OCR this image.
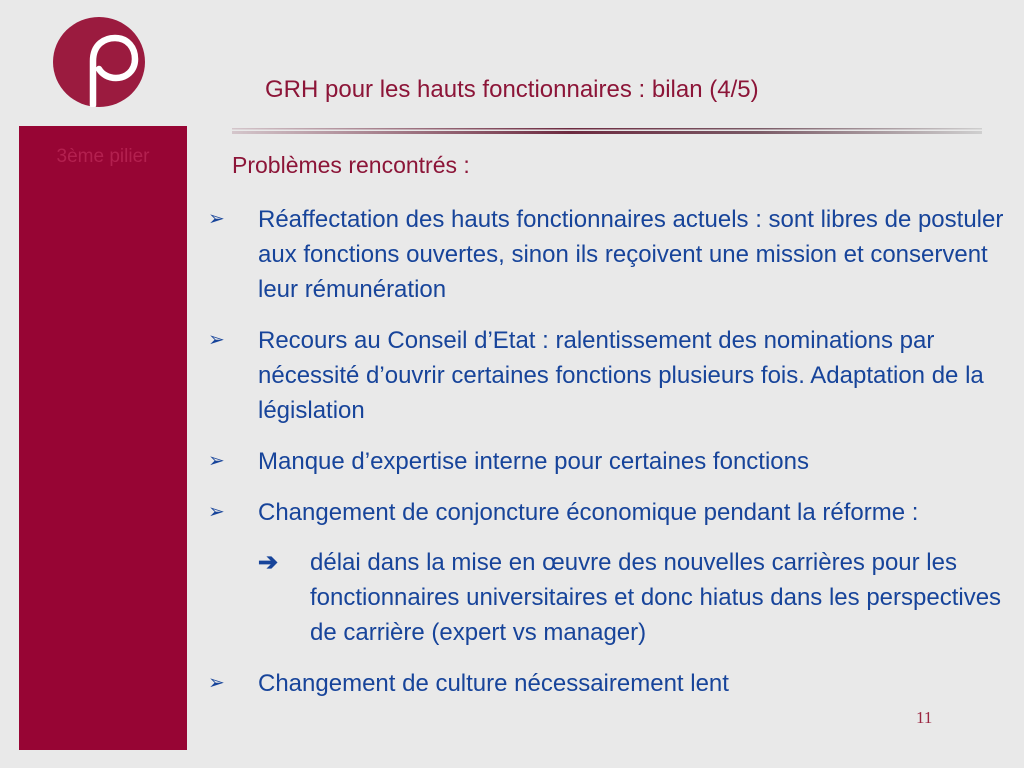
GRH pour les hauts fonctionnaires : bilan (4/5)
3ème pilier	Problèmes rencontrés :
➢ Réaffectation des hauts fonctionnaires actuels : sont libres de postuler aux fonctions ouvertes, sinon ils reçoivent une mission et conservent leur rémunération
➢ Recours au Conseil d’Etat : ralentissement des nominations par nécessité d’ouvrir certaines fonctions plusieurs fois. Adaptation de la législation
➢ Manque d’expertise interne pour certaines fonctions
➢ Changement de conjoncture économique pendant la réforme :
➔ délai dans la mise en œuvre des nouvelles carrières pour les fonctionnaires universitaires et donc hiatus dans les perspectives de carrière (expert vs manager)
➢ Changement de culture nécessairement lent
11
